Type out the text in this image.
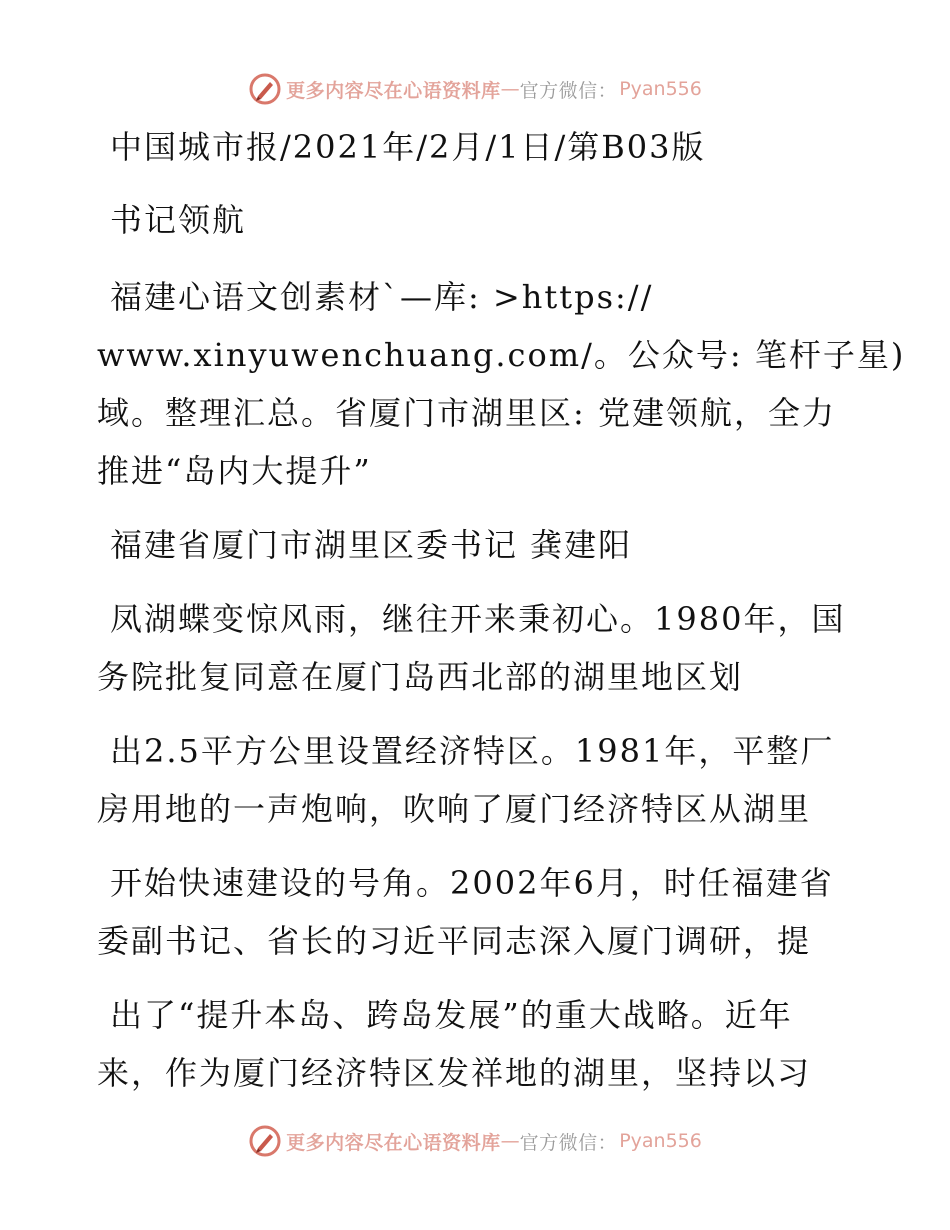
更多内容尽在心语资料库 — 官方微信： Pyan556
中国城市报/2021年/2月/1日/第B03版
书记领航
福建心语文创素材`—库: >https://
www.xinyuwenchuang.com/。公众号: 笔杆子星)
域。整理汇总。省厦门市湖里区: 党建领航，全力
推进“岛内大提升”
福建省厦门市湖里区委书记 龚建阳
凤湖蝶变惊风雨，继往开来秉初心。1980年，国
务院批复同意在厦门岛西北部的湖里地区划
出2.5平方公里设置经济特区。1981年，平整厂
房用地的一声炮响，吹响了厦门经济特区从湖里
开始快速建设的号角。2002年6月，时任福建省
委副书记、省长的习近平同志深入厦门调研，提
出了“提升本岛、跨岛发展”的重大战略。近年
来，作为厦门经济特区发祥地的湖里，坚持以习
更多内容尽在心语资料库 — 官方微信： Pyan556
